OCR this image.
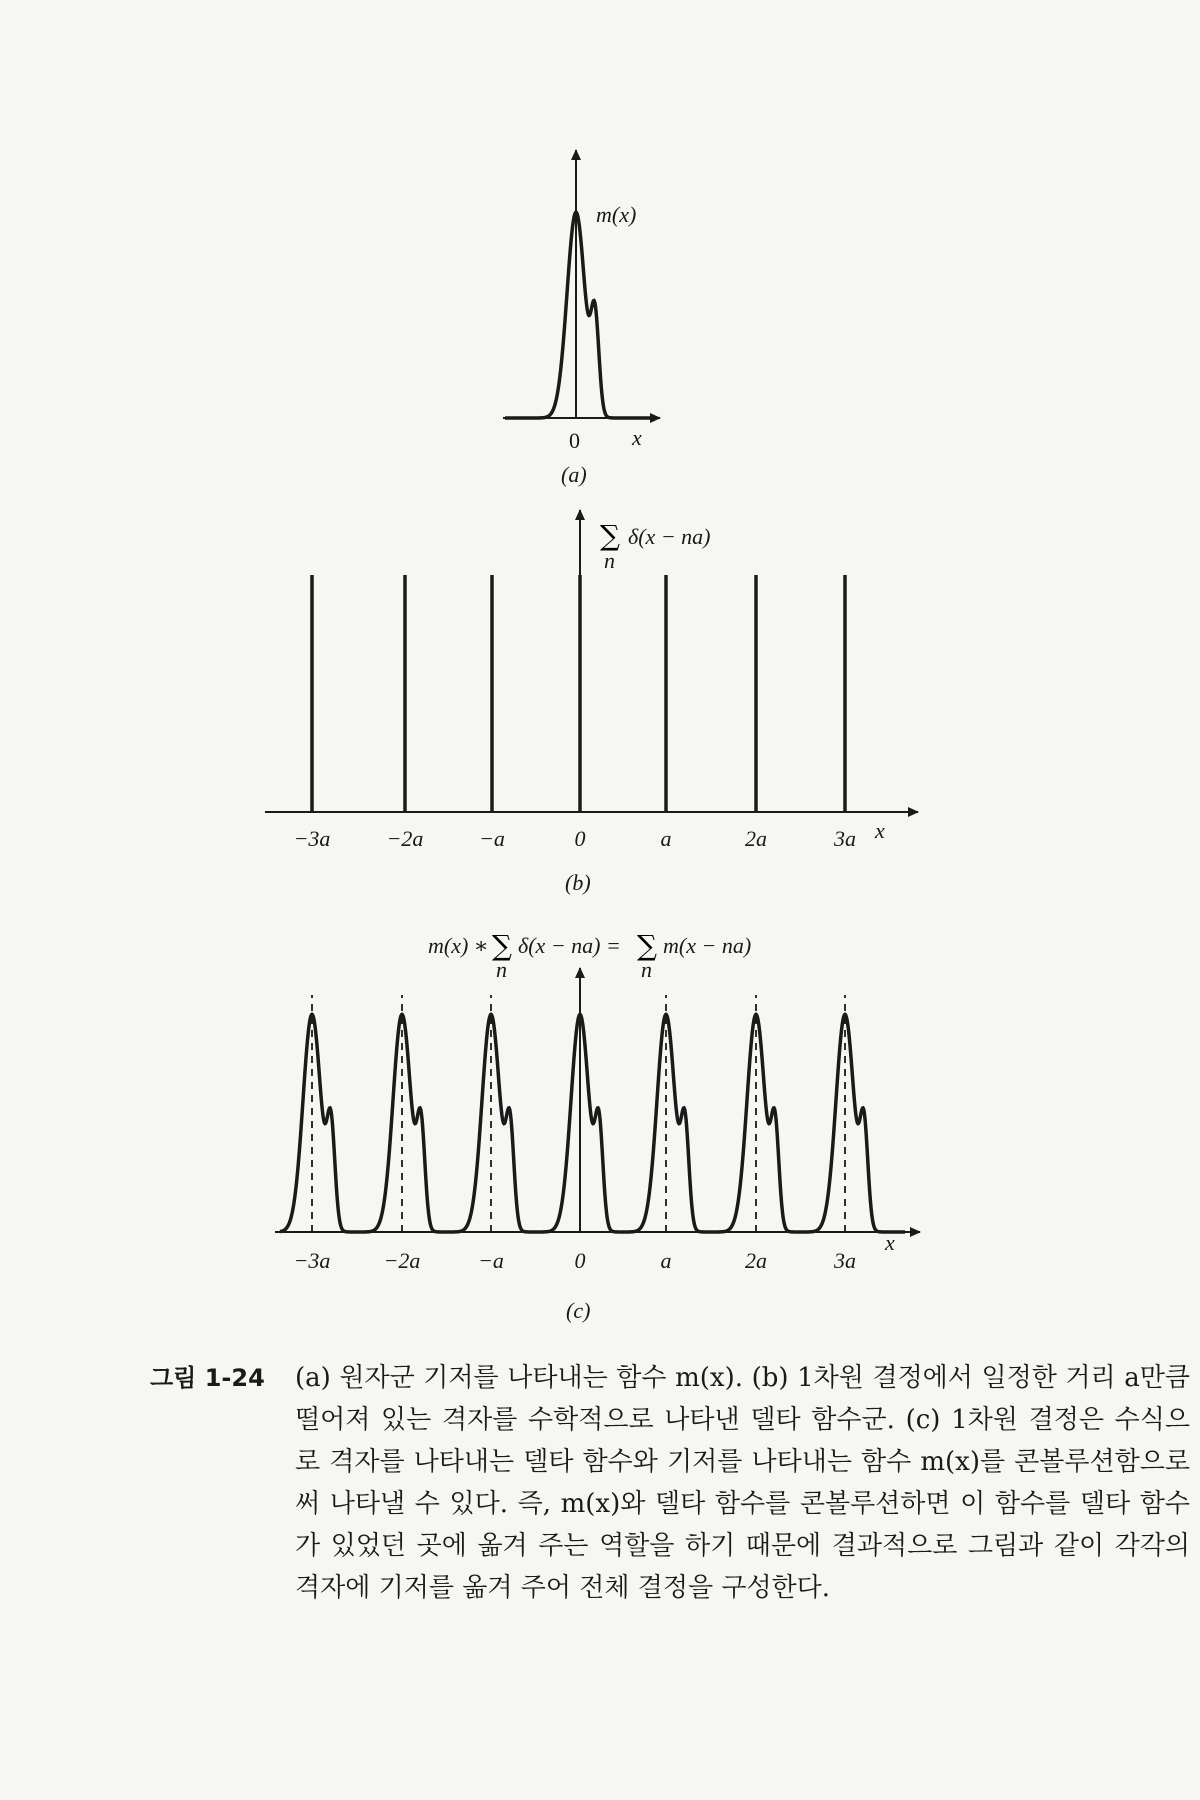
m(x)
0 x
(a)
−3a	−2a	−a	0	a	2a	3a
∑
n
δ(x − na)
x
(b)
m(x) ∗ ∑
n
δ(x − na) = ∑
n
m(x − na)
−3a −2a	−a	0	a	2a	3a
x
(c)
그림 1-24 (a) 원자군 기저를 나타내는 함수 m(x). (b) 1차원 결정에서 일정한 거리 a만큼 떨어져 있는 격자를 수학적으로 나타낸 델타 함수군. (c) 1차원 결정은 수식으로 격자를 나타내는 델타 함수와 기저를 나타내는 함수 m(x)를 콘볼루션함으로써 나타낼 수 있다. 즉, m(x)와 델타 함수를 콘볼루션하면 이 함수를 델타 함수가 있었던 곳에 옮겨 주는 역할을 하기 때문에 결과적으로 그림과 같이 각각의 격자에 기저를 옮겨 주어 전체 결정을 구성한다.
